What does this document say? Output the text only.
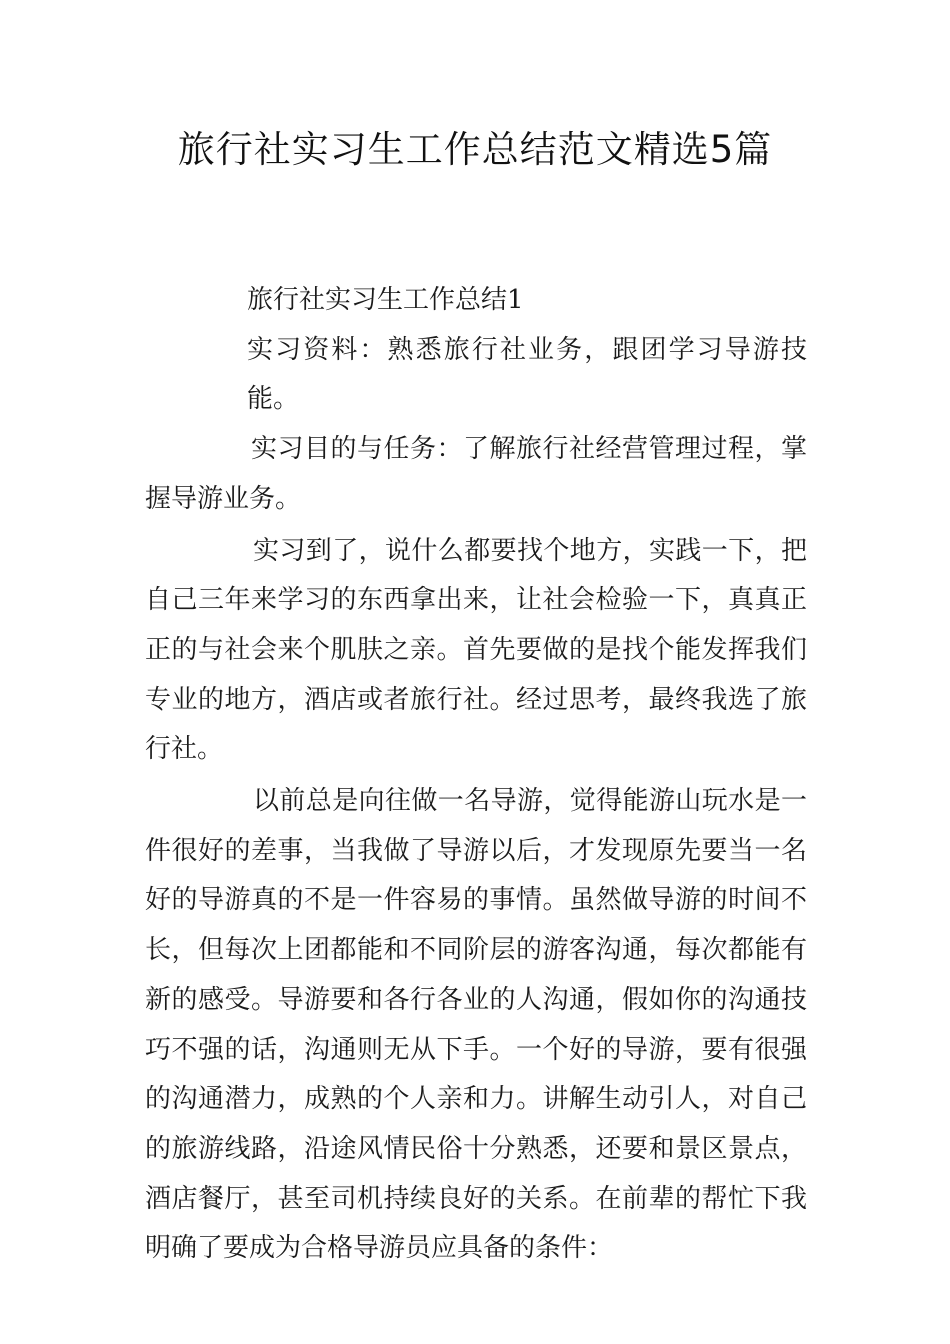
旅行社实习生工作总结范文精选5篇

旅行社实习生工作总结1

实习资料：熟悉旅行社业务，跟团学习导游技能。

实习目的与任务：了解旅行社经营管理过程，掌握导游业务。

实习到了，说什么都要找个地方，实践一下，把自己三年来学习的东西拿出来，让社会检验一下，真真正正的与社会来个肌肤之亲。首先要做的是找个能发挥我们专业的地方，酒店或者旅行社。经过思考，最终我选了旅行社。

以前总是向往做一名导游，觉得能游山玩水是一件很好的差事，当我做了导游以后，才发现原先要当一名好的导游真的不是一件容易的事情。虽然做导游的时间不长，但每次上团都能和不同阶层的游客沟通，每次都能有新的感受。导游要和各行各业的人沟通，假如你的沟通技巧不强的话，沟通则无从下手。一个好的导游，要有很强的沟通潜力，成熟的个人亲和力。讲解生动引人，对自己的旅游线路，沿途风情民俗十分熟悉，还要和景区景点，酒店餐厅，甚至司机持续良好的关系。在前辈的帮忙下我明确了要成为合格导游员应具备的条件：
